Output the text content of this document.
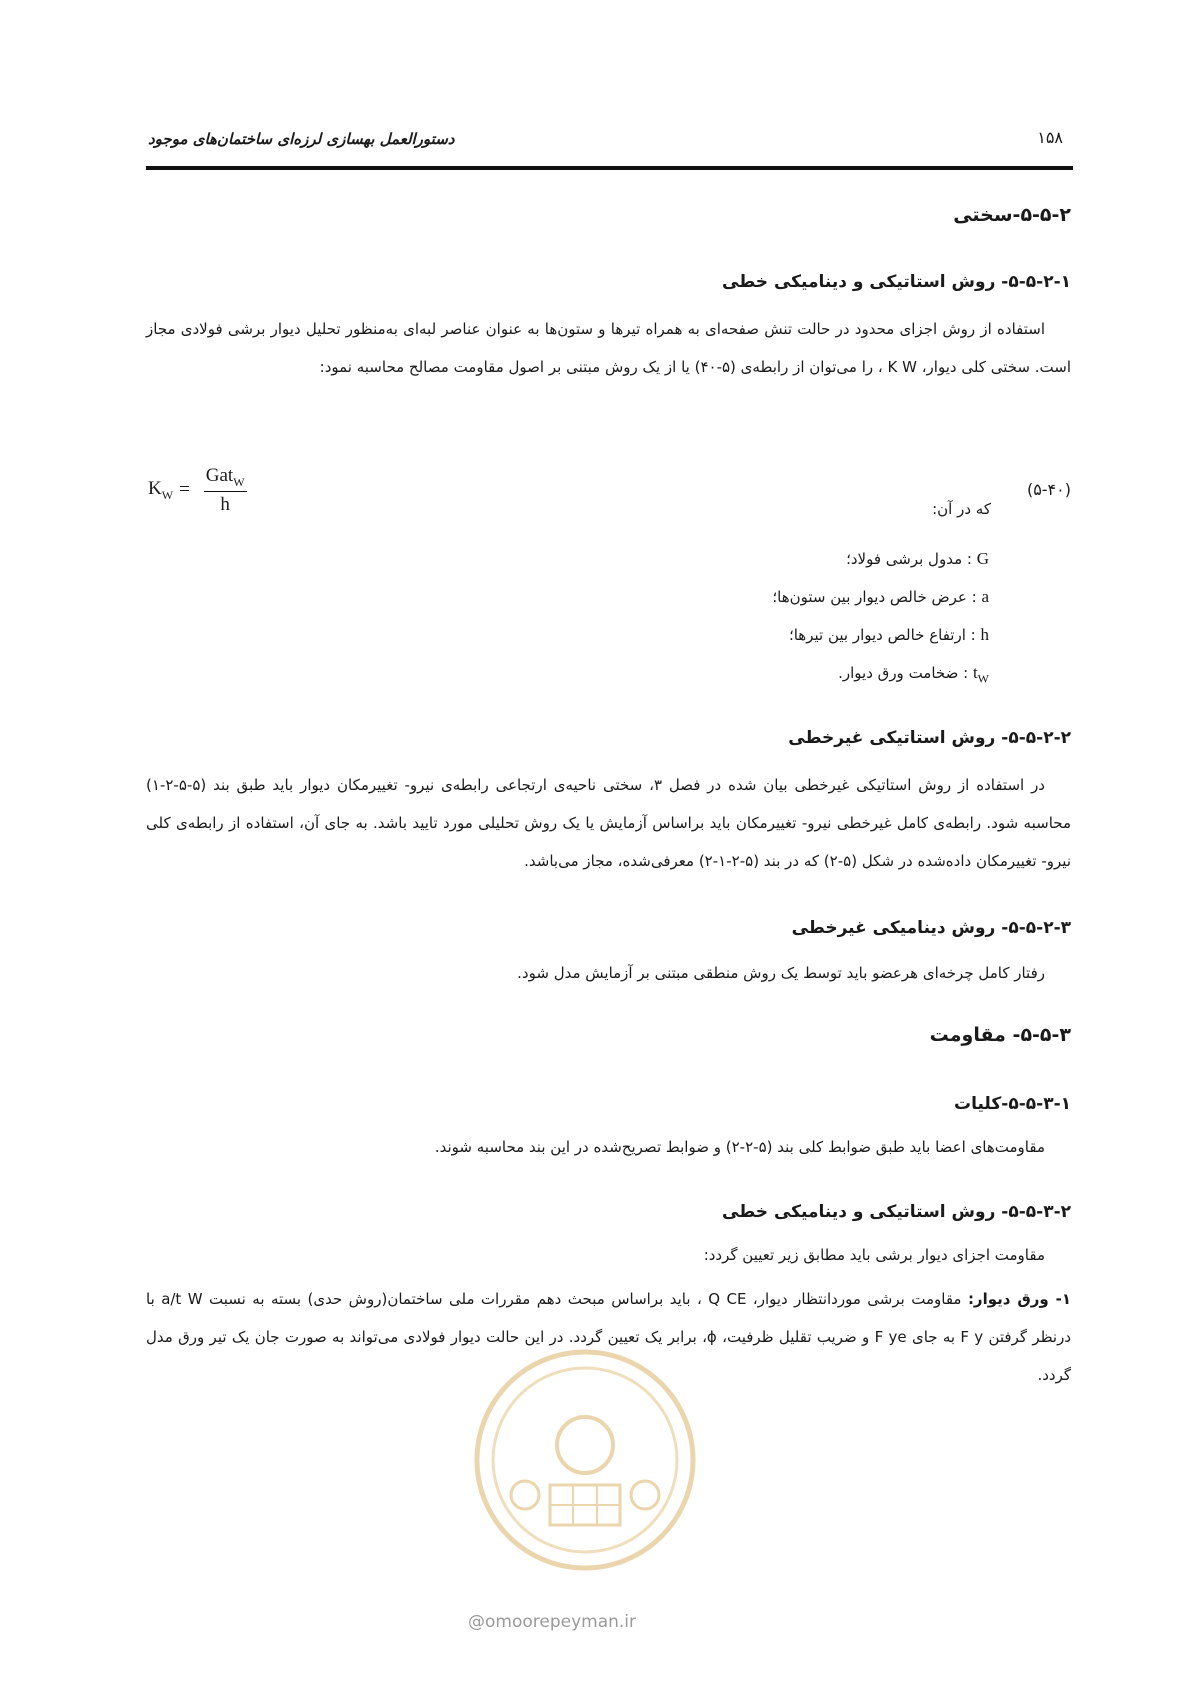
دستورالعمل بهسازی لرزه‌ای ساختمان‌های موجود	۱۵۸
۵-۵-۲-سختی
۵-۵-۲-۱- روش استاتیکی و دینامیکی خطی
استفاده از روش اجزای محدود در حالت تنش صفحه‌ای به همراه تیرها و ستون‌ها به عنوان عناصر لبه‌ای به‌منظور تحلیل دیوار برشی فولادی مجاز است. سختی کلی دیوار، K W ، را می‌توان از رابطه‌ی (۵-۴۰) یا از یک روش مبتنی بر اصول مقاومت مصالح محاسبه نمود:
$K_W = \frac{Gat_W}{h}$	(۵-۴۰)
که در آن:
G : مدول برشی فولاد؛
a : عرض خالص دیوار بین ستون‌ها؛
h : ارتفاع خالص دیوار بین تیرها؛
$t_W$ : ضخامت ورق دیوار.
۵-۵-۲-۲- روش استاتیکی غیرخطی
در استفاده از روش استاتیکی غیرخطی بیان شده در فصل ۳، سختی ناحیه‌ی ارتجاعی رابطه‌ی نیرو- تغییرمکان دیوار باید طبق بند (۵-۵-۲-۱) محاسبه شود. رابطه‌ی کامل غیرخطی نیرو- تغییرمکان باید براساس آزمایش یا یک روش تحلیلی مورد تایید باشد. به جای آن، استفاده از رابطه‌ی کلی نیرو- تغییرمکان داده‌شده در شکل (۵-۲) که در بند (۵-۲-۱-۲) معرفی‌شده، مجاز می‌باشد.
۵-۵-۲-۳- روش دینامیکی غیرخطی
رفتار کامل چرخه‌ای هرعضو باید توسط یک روش منطقی مبتنی بر آزمایش مدل شود.
۵-۵-۳- مقاومت
۵-۵-۳-۱-کلیات
مقاومت‌های اعضا باید طبق ضوابط کلی بند (۵-۲-۲) و ضوابط تصریح‌شده در این بند محاسبه شوند.
۵-۵-۳-۲- روش استاتیکی و دینامیکی خطی
مقاومت اجزای دیوار برشی باید مطابق زیر تعیین گردد:
۱- ورق دیوار: مقاومت برشی موردانتظار دیوار، Q CE ، باید براساس مبحث دهم مقررات ملی ساختمان(روش حدی) بسته به نسبت a/t W با درنظر گرفتن F y به جای F ye و ضریب تقلیل ظرفیت، ϕ، برابر یک تعیین گردد. در این حالت دیوار فولادی می‌تواند به صورت جان یک تیر ورق مدل گردد.
@omoorepeyman.ir
